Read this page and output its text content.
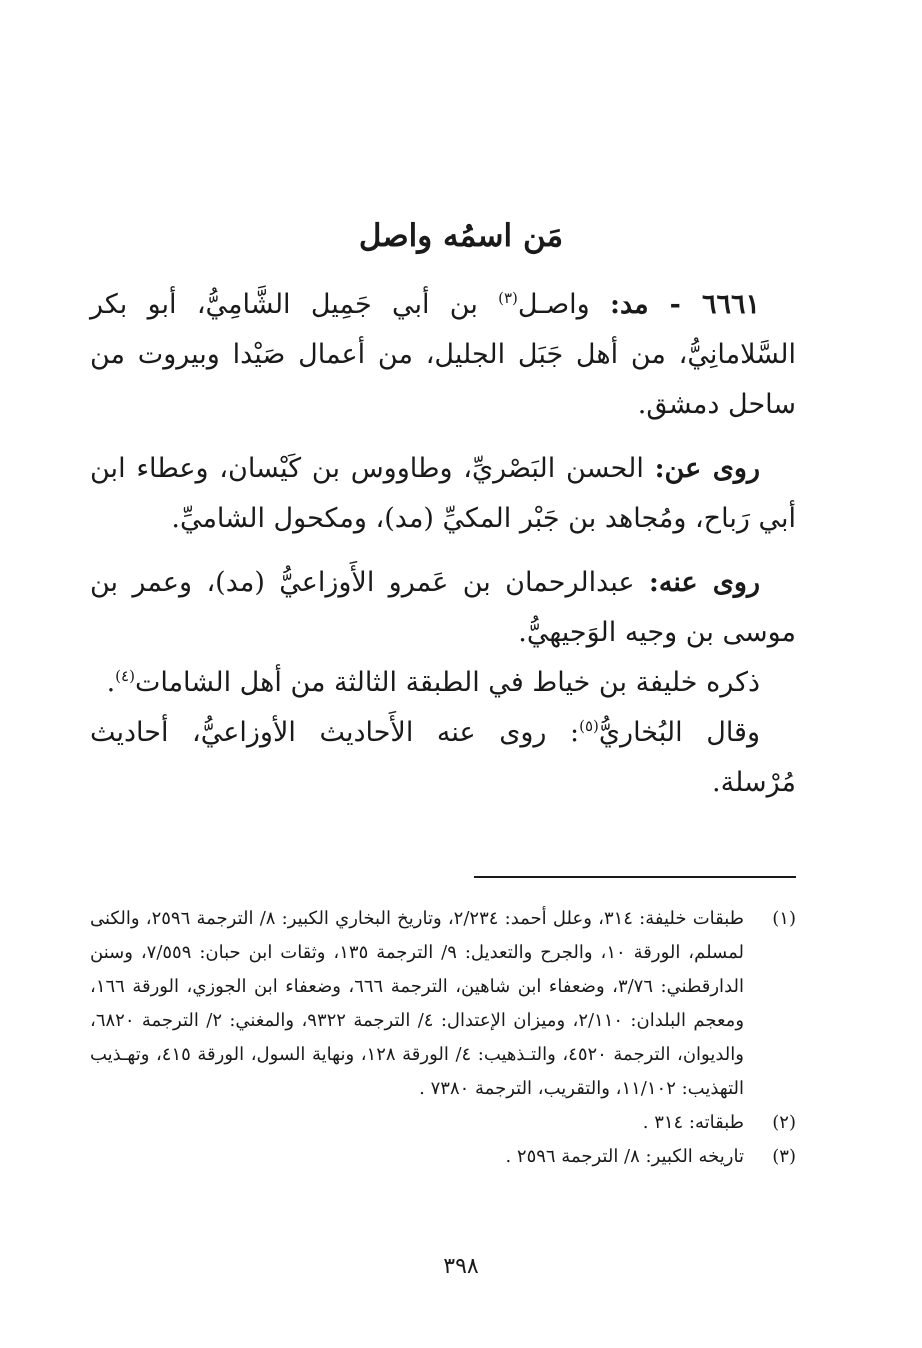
مَن اسمُه واصل

٦٦٦١ - مد: واصـل$^{(٣)}$ بن أبي جَمِيل الشَّامِيُّ، أبو بكر السَّلامانِيُّ، من أهل جَبَل الجليل، من أعمال صَيْدا وبيروت من ساحل دمشق.

روى عن: الحسن البَصْريِّ، وطاووس بن كَيْسان، وعطاء ابن أبي رَباح، ومُجاهد بن جَبْر المكيِّ (مد)، ومكحول الشاميِّ.

روى عنه: عبدالرحمان بن عَمرو الأَوزاعيُّ (مد)، وعمر بن موسى بن وجيه الوَجيهيُّ.

ذكره خليفة بن خياط في الطبقة الثالثة من أهل الشامات$^{(٤)}$.

وقال البُخاريُّ$^{(٥)}$: روى عنه الأَحاديث الأوزاعيُّ، أحاديث مُرْسلة.

(١)
طبقات خليفة: ٣١٤، وعلل أحمد: ٢/٢٣٤، وتاريخ البخاري الكبير: ٨/ الترجمة ٢٥٩٦، والكنى لمسلم، الورقة ١٠، والجرح والتعديل: ٩/ الترجمة ١٣٥، وثقات ابن حبان: ٧/٥٥٩، وسنن الدارقطني: ٣/٧٦، وضعفاء ابن شاهين، الترجمة ٦٦٦، وضعفاء ابن الجوزي، الورقة ١٦٦، ومعجم البلدان: ٢/١١٠، وميزان الإعتدال: ٤/ الترجمة ٩٣٢٢، والمغني: ٢/ الترجمة ٦٨٢٠، والديوان، الترجمة ٤٥٢٠، والتـذهيب: ٤/ الورقة ١٢٨، ونهاية السول، الورقة ٤١٥، وتهـذيب التهذيب: ١١/١٠٢، والتقريب، الترجمة ٧٣٨٠ .
(٢)
طبقاته: ٣١٤ .
(٣)
تاريخه الكبير: ٨/ الترجمة ٢٥٩٦ .
٣٩٨
